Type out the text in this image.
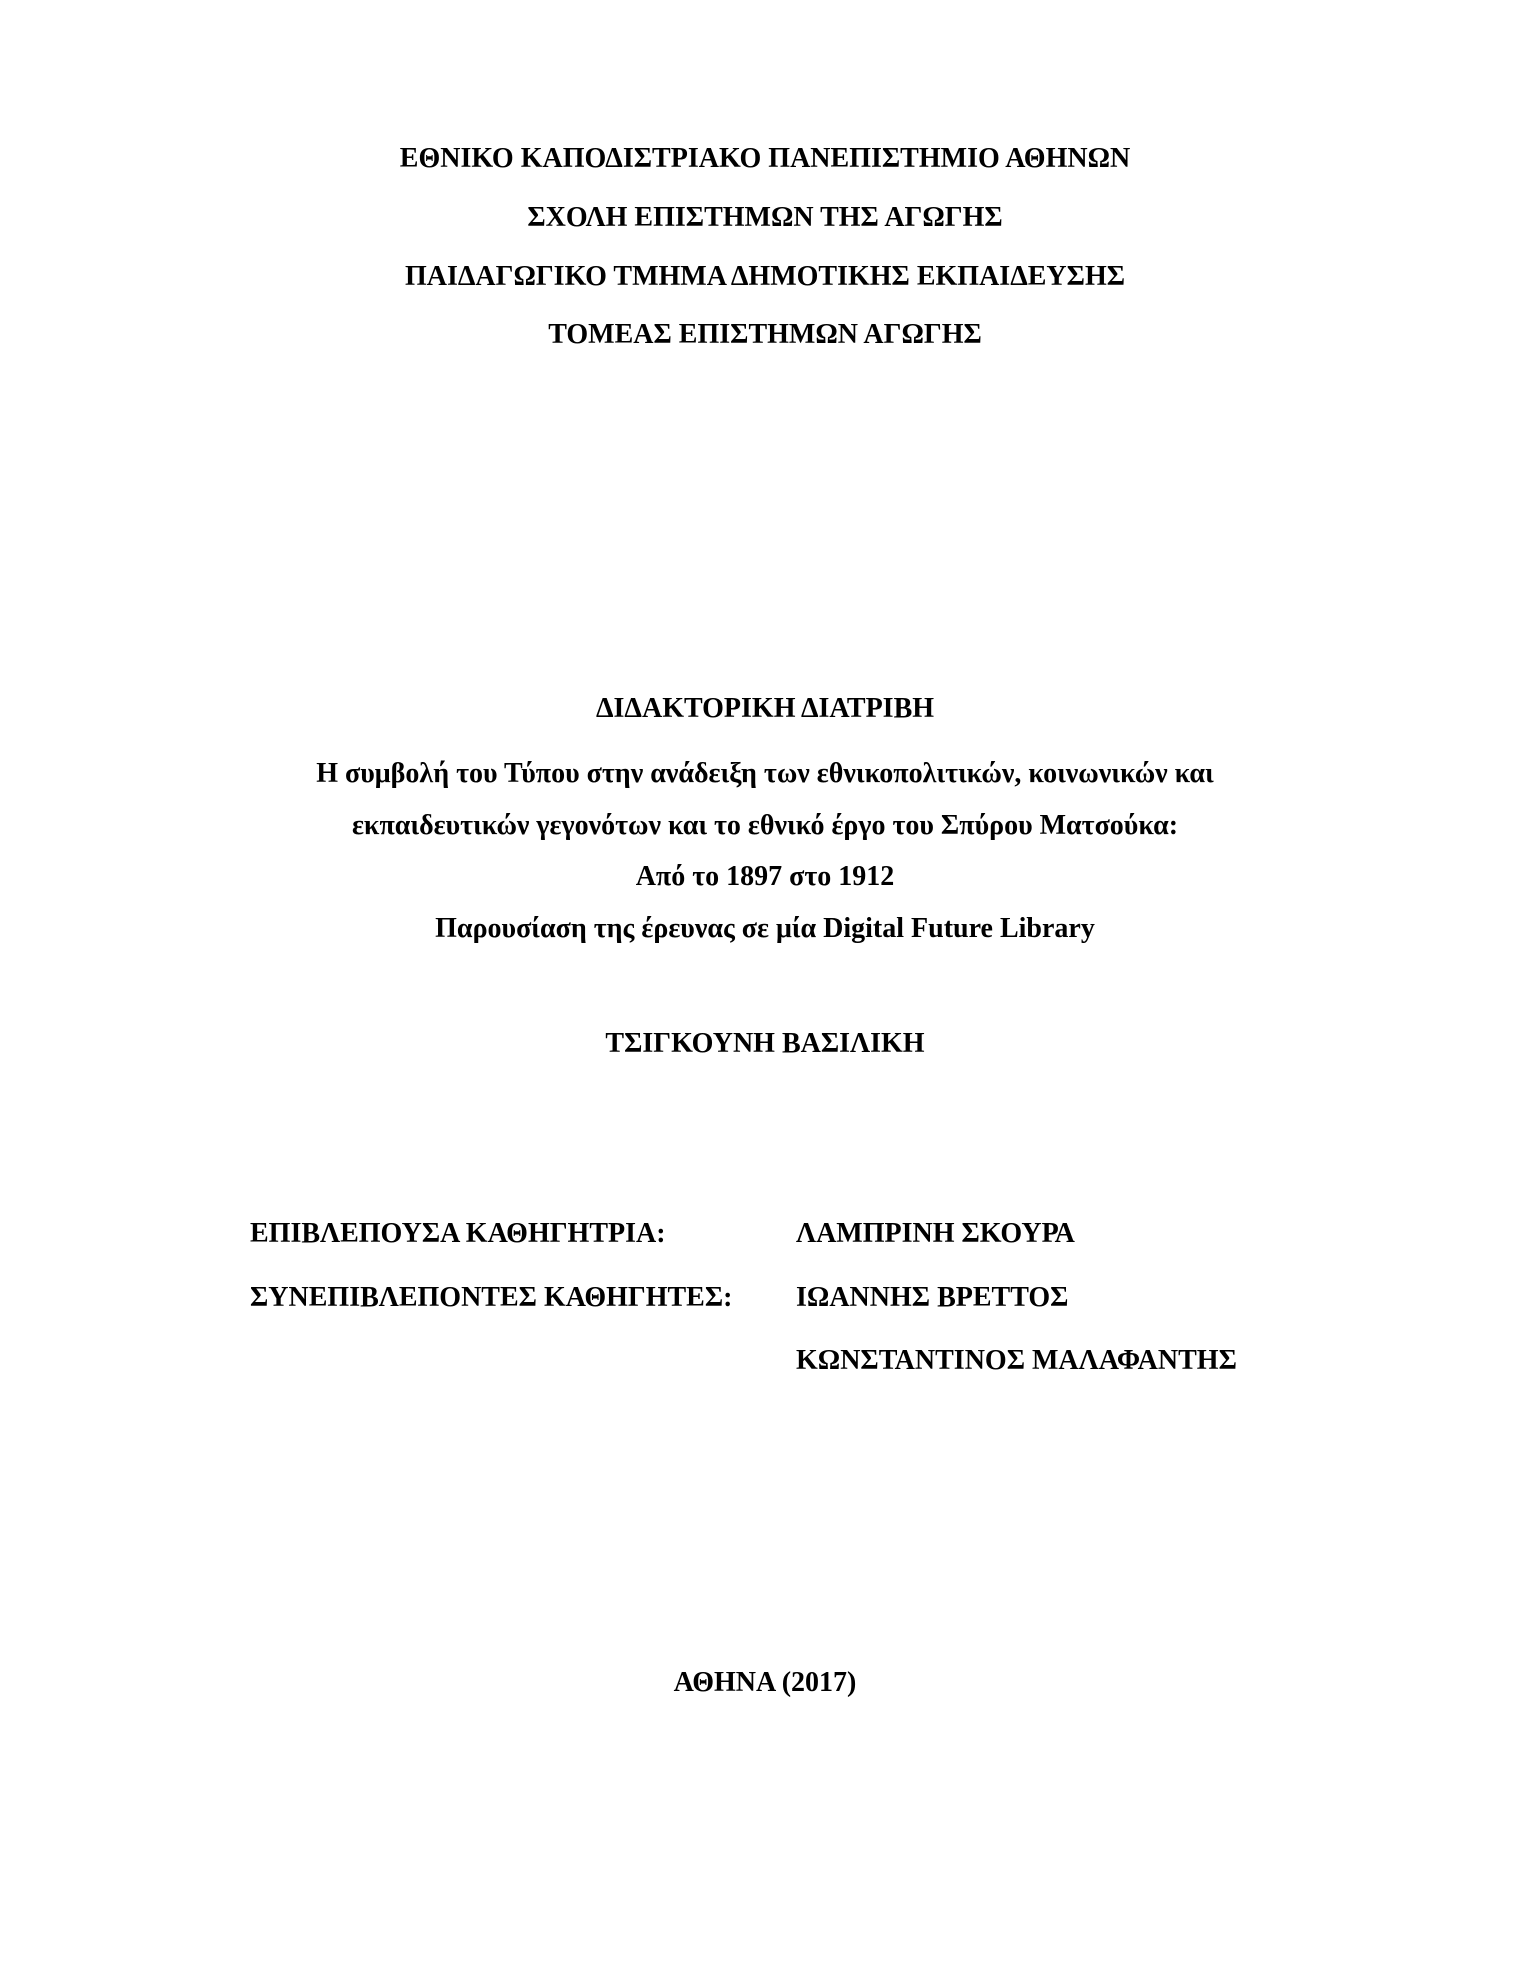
ΕΘΝΙΚΟ ΚΑΠΟΔΙΣΤΡΙΑΚΟ ΠΑΝΕΠΙΣΤΗΜΙΟ ΑΘΗΝΩΝ
ΣΧΟΛΗ ΕΠΙΣΤΗΜΩΝ ΤΗΣ ΑΓΩΓΗΣ
ΠΑΙΔΑΓΩΓΙΚΟ ΤΜΗΜΑ ΔΗΜΟΤΙΚΗΣ ΕΚΠΑΙΔΕΥΣΗΣ
ΤΟΜΕΑΣ ΕΠΙΣΤΗΜΩΝ ΑΓΩΓΗΣ
ΔΙΔΑΚΤΟΡΙΚΗ ΔΙΑΤΡΙΒΗ
Η συμβολή του Τύπου στην ανάδειξη των εθνικοπολιτικών, κοινωνικών και
εκπαιδευτικών γεγονότων και το εθνικό έργο του Σπύρου Ματσούκα:
Από το 1897 στο 1912
Παρουσίαση της έρευνας σε μία Digital Future Library
ΤΣΙΓΚΟΥΝΗ ΒΑΣΙΛΙΚΗ
ΕΠΙΒΛΕΠΟΥΣΑ ΚΑΘΗΓΗΤΡΙΑ:	ΛΑΜΠΡΙΝΗ ΣΚΟΥΡΑ
ΣΥΝΕΠΙΒΛΕΠΟΝΤΕΣ ΚΑΘΗΓΗΤΕΣ: ΙΩΑΝΝΗΣ ΒΡΕΤΤΟΣ
ΚΩΝΣΤΑΝΤΙΝΟΣ ΜΑΛΑΦΑΝΤΗΣ
ΑΘΗΝΑ (2017)
